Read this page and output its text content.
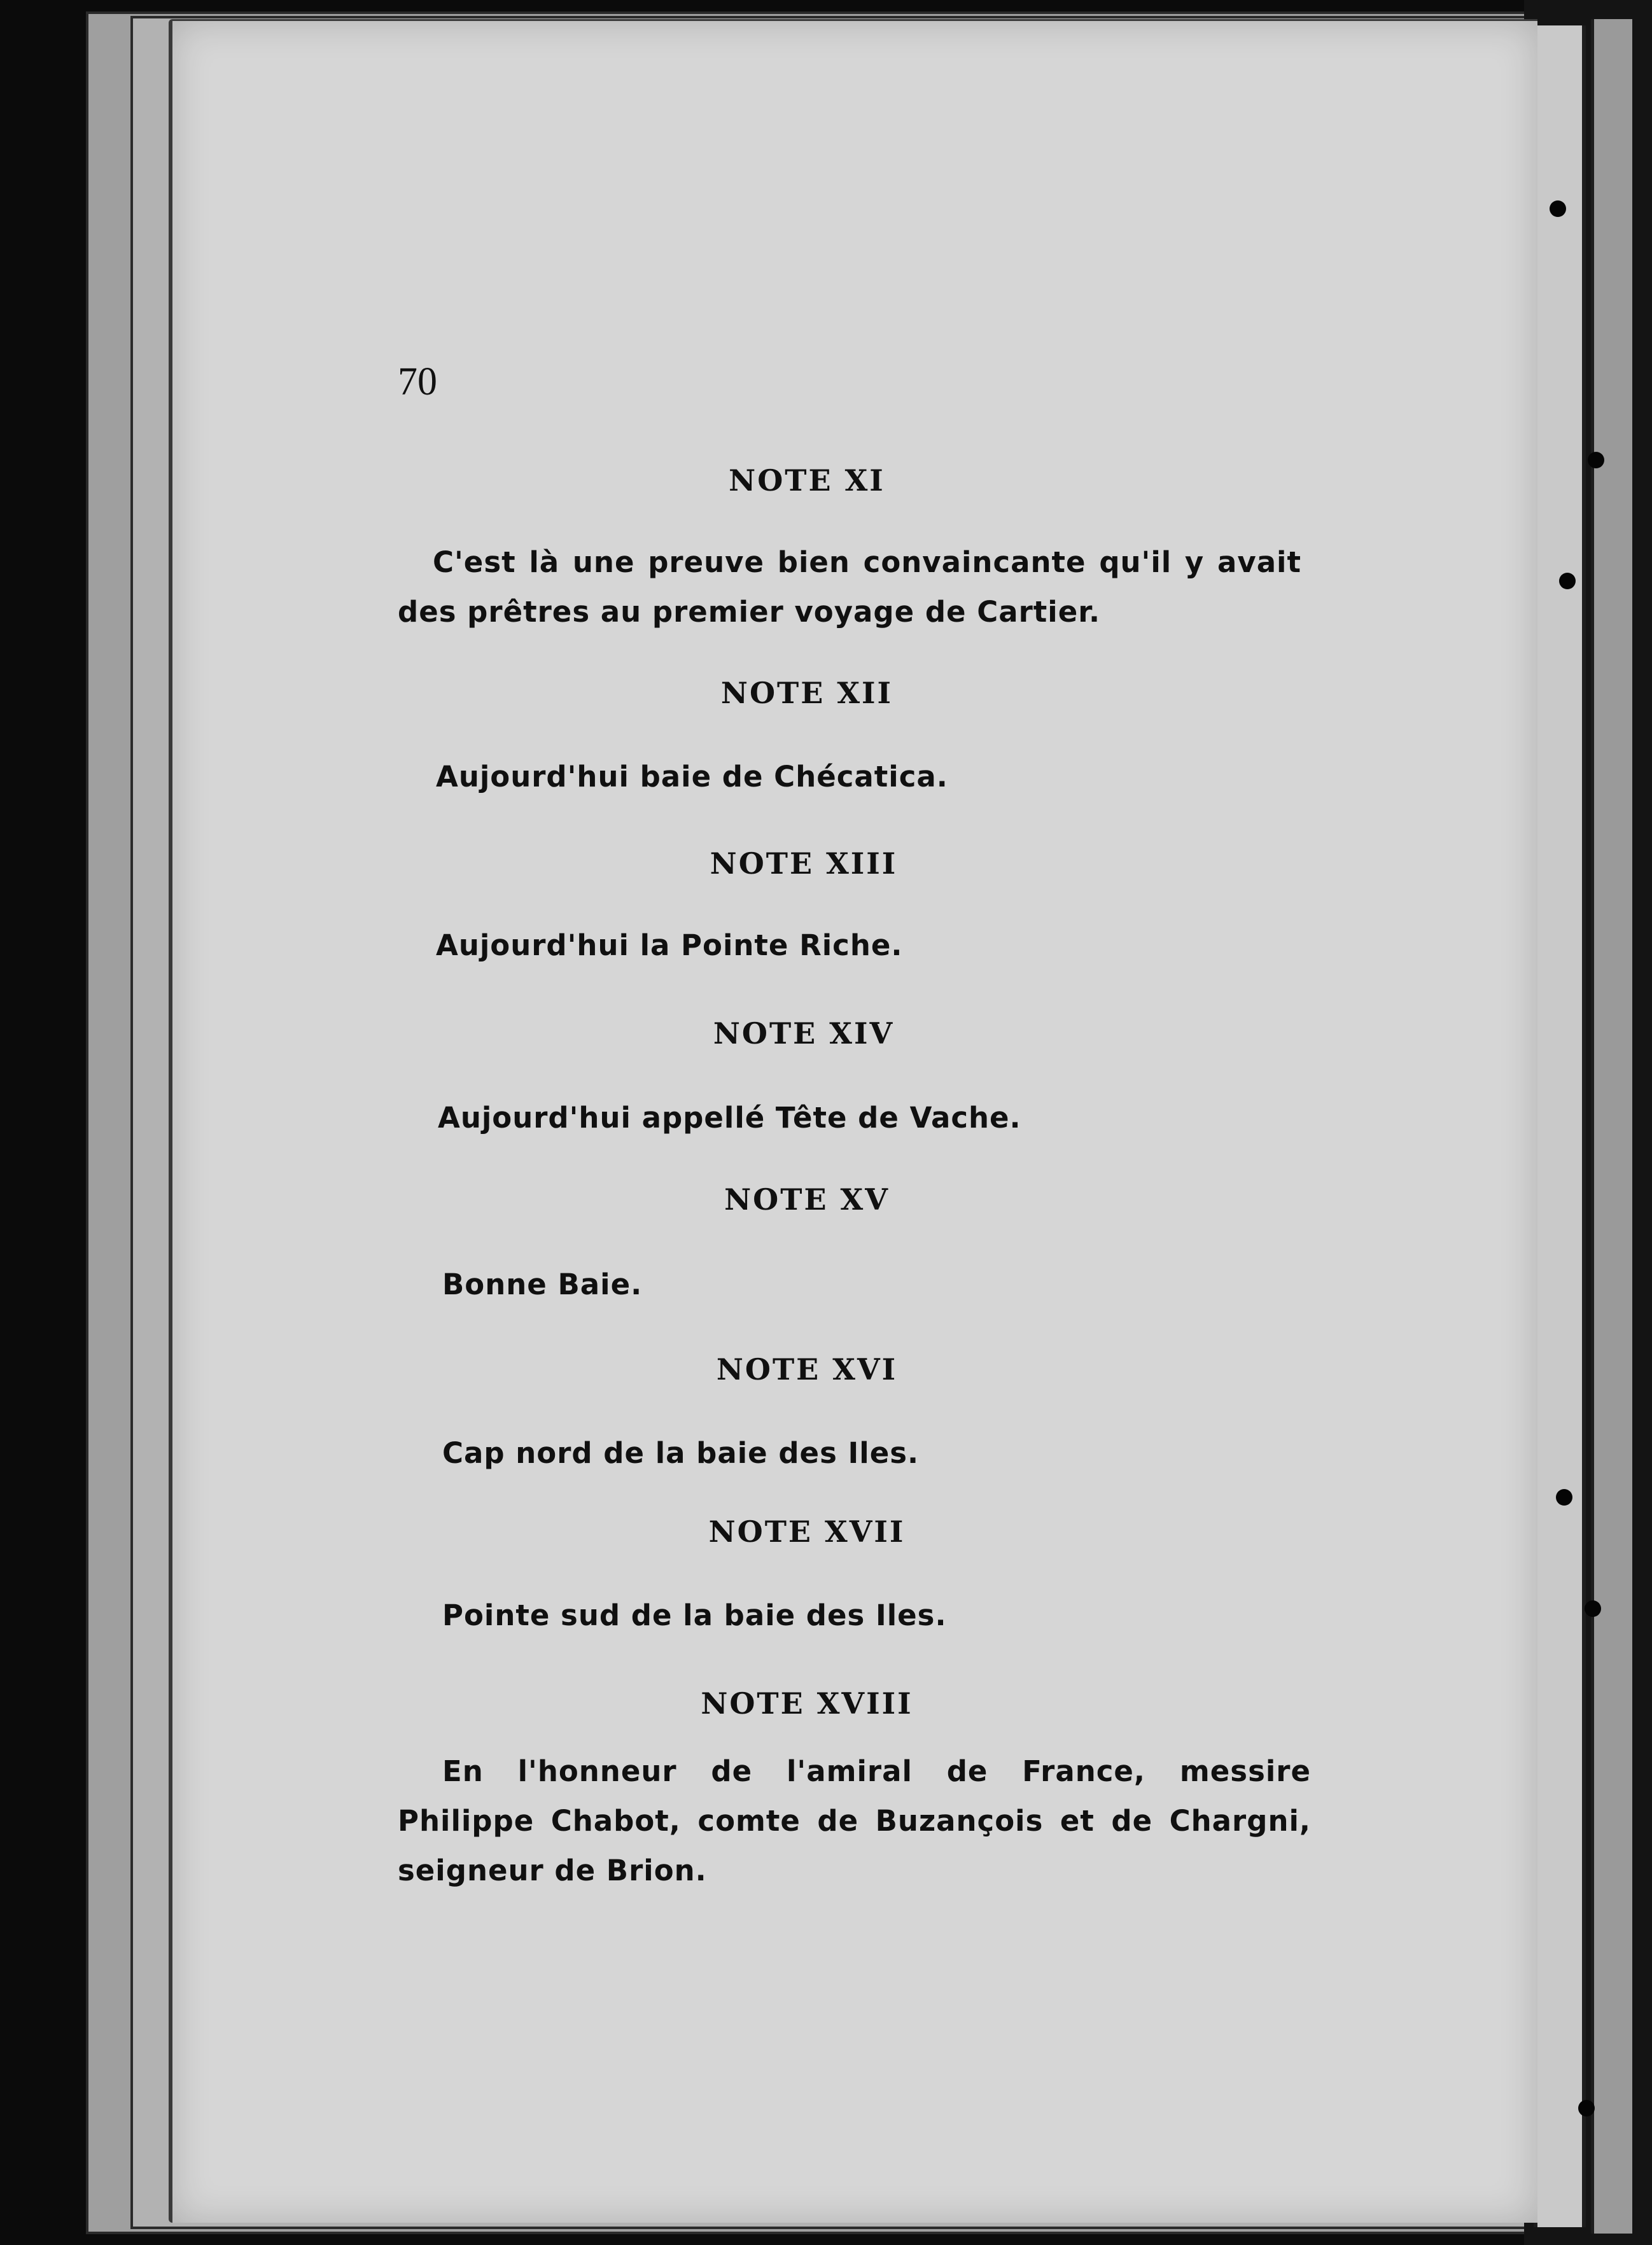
70
NOTE XI
C'est là une preuve bien convaincante qu'il y avait des prêtres au premier voyage de Cartier.
NOTE XII
Aujourd'hui baie de Chécatica.
NOTE XIII
Aujourd'hui la Pointe Riche.
NOTE XIV
Aujourd'hui appellé Tête de Vache.
NOTE XV
Bonne Baie.
NOTE XVI
Cap nord de la baie des Iles.
NOTE XVII
Pointe sud de la baie des Iles.
NOTE XVIII
En l'honneur de l'amiral de France, messire Philippe Chabot, comte de Buzançois et de Chargni, seigneur de Brion.
